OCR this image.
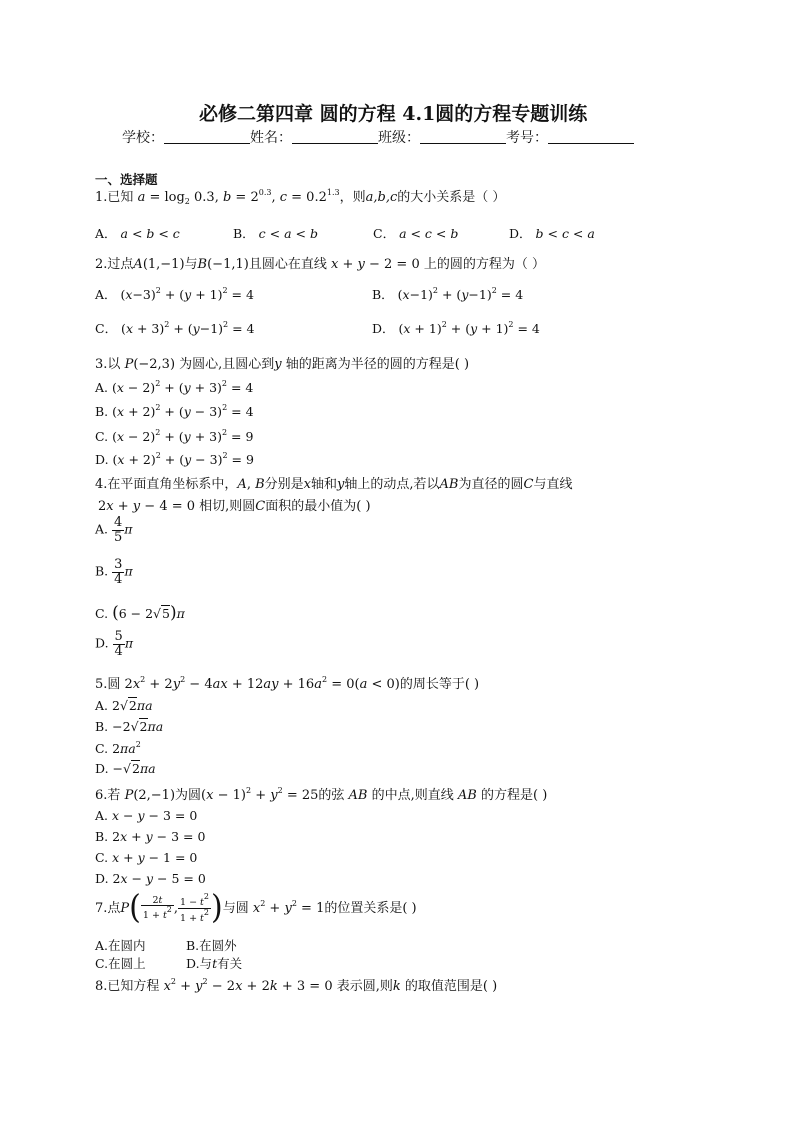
必修二第四章 圆的方程 4.1圆的方程专题训练
学校：	姓名：	班级：	考号：
一、选择题
1.已知 $a = \log_2 0.3$, $b = 2^{0.3}$, $c = 0.2^{1.3}$，则a,b,c的大小关系是（ ）
A． a < b < c	B． c < a < b	C． a < c < b	D． b < c < a
2.过点A(1,−1)与B(−1,1)且圆心在直线 x + y − 2 = 0 上的圆的方程为（ ）
A． $(x-3)^2 + (y + 1)^2 = 4$	B． $(x-1)^2 + (y-1)^2 = 4$
C． $(x + 3)^2 + (y-1)^2 = 4$	D． $(x + 1)^2 + (y + 1)^2 = 4$
3.以 P(−2,3) 为圆心,且圆心到y 轴的距离为半径的圆的方程是( )
A. $(x - 2)^2 + (y + 3)^2 = 4$
B. $(x + 2)^2 + (y - 3)^2 = 4$
C. $(x - 2)^2 + (y + 3)^2 = 9$
D. $(x + 2)^2 + (y - 3)^2 = 9$
4.在平面直角坐标系中，A, B分别是x轴和y轴上的动点,若以AB为直径的圆C与直线
2x + y − 4 = 0 相切,则圆C面积的最小值为( )
A. $\frac{4}{5}$ π
B. $\frac{3}{4}$ π
C. (6 − 2√5)π
D. $\frac{5}{4}$ π
5.圆 $2x^2 + 2y^2 - 4ax + 12ay + 16a^2 = 0(a < 0)$的周长等于( )
A. 2√2πa
B. −2√2πa
C. $2\pi a^2$
D. −√2πa
6.若 P(2,−1)为圆$(x - 1)^2 + y^2 = 25$的弦 AB 的中点,则直线 AB 的方程是( )
A. x − y − 3 = 0
B. 2x + y − 3 = 0
C. x + y − 1 = 0
D. 2x − y − 5 = 0
7.点$P( \frac{2t}{1 + t^2}$ , $\frac{1 - t^2}{1 + t^2}$ )与圆 $x^2 + y^2 = 1$的位置关系是( )
A.在圆内	B.在圆外
C.在圆上	D.与t有关
8.已知方程 $x^2 + y^2 - 2x + 2k + 3 = 0$ 表示圆,则k 的取值范围是( )
